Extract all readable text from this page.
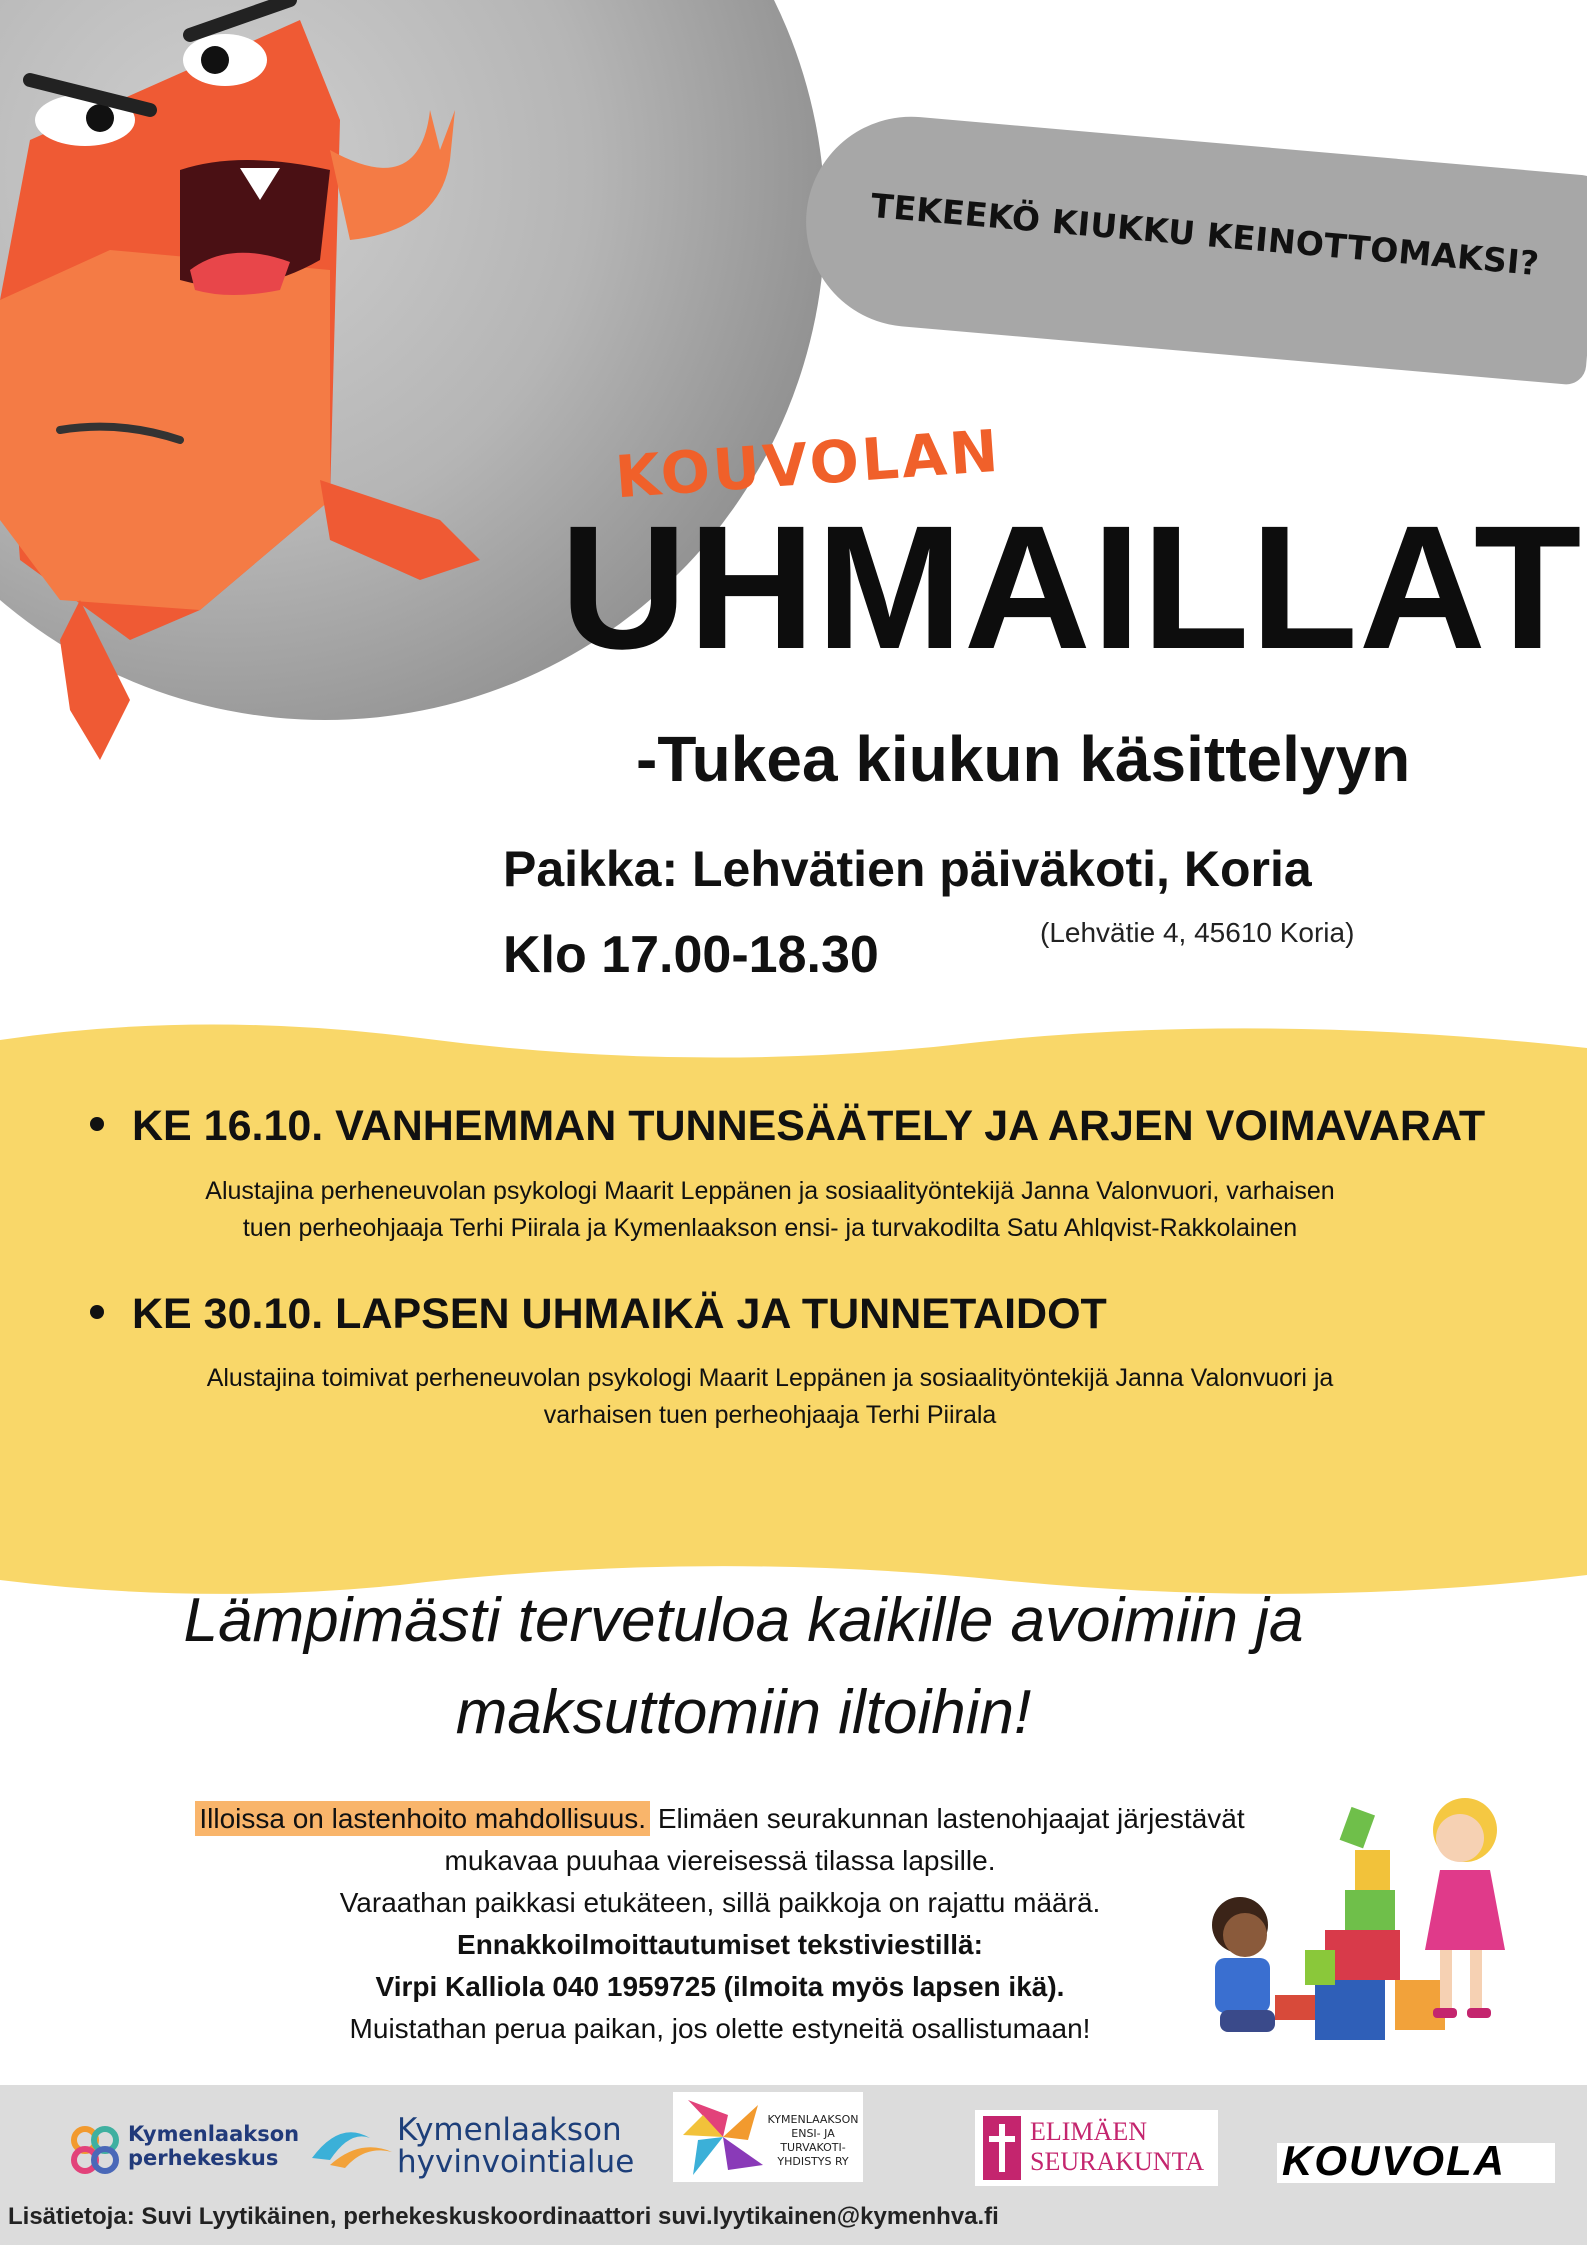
TEKEEKÖ KIUKKU KEINOTTOMAKSI?
KOUVOLAN
UHMAILLAT
-Tukea kiukun käsittelyyn
Paikka: Lehvätien päiväkoti, Koria
Klo 17.00-18.30	(Lehvätie 4, 45610 Koria)
KE 16.10. VANHEMMAN TUNNESÄÄTELY JA ARJEN VOIMAVARAT
Alustajina perheneuvolan psykologi Maarit Leppänen ja sosiaalityöntekijä Janna Valonvuori, varhaisen
tuen perheohjaaja Terhi Piirala ja Kymenlaakson ensi- ja turvakodilta Satu Ahlqvist-Rakkolainen
KE 30.10. LAPSEN UHMAIKÄ JA TUNNETAIDOT
Alustajina toimivat perheneuvolan psykologi Maarit Leppänen ja sosiaalityöntekijä Janna Valonvuori ja
varhaisen tuen perheohjaaja Terhi Piirala
Lämpimästi tervetuloa kaikille avoimiin ja
maksuttomiin iltoihin!
Illoissa on lastenhoito mahdollisuus. Elimäen seurakunnan lastenohjaajat järjestävät
mukavaa puuhaa viereisessä tilassa lapsille.
Varaathan paikkasi etukäteen, sillä paikkoja on rajattu määrä.
Ennakkoilmoittautumiset tekstiviestillä:
Virpi Kalliola 040 1959725 (ilmoita myös lapsen ikä).
Muistathan perua paikan, jos olette estyneitä osallistumaan!
Kymenlaakson
perhekeskus
Kymenlaakson
hyvinvointialue
KYMENLAAKSON
ENSI- JA TURVAKOTI-
YHDISTYS RY
ELIMÄEN
SEURAKUNTA KOUVOLA
Lisätietoja: Suvi Lyytikäinen, perhekeskuskoordinaattori suvi.lyytikainen@kymenhva.fi
